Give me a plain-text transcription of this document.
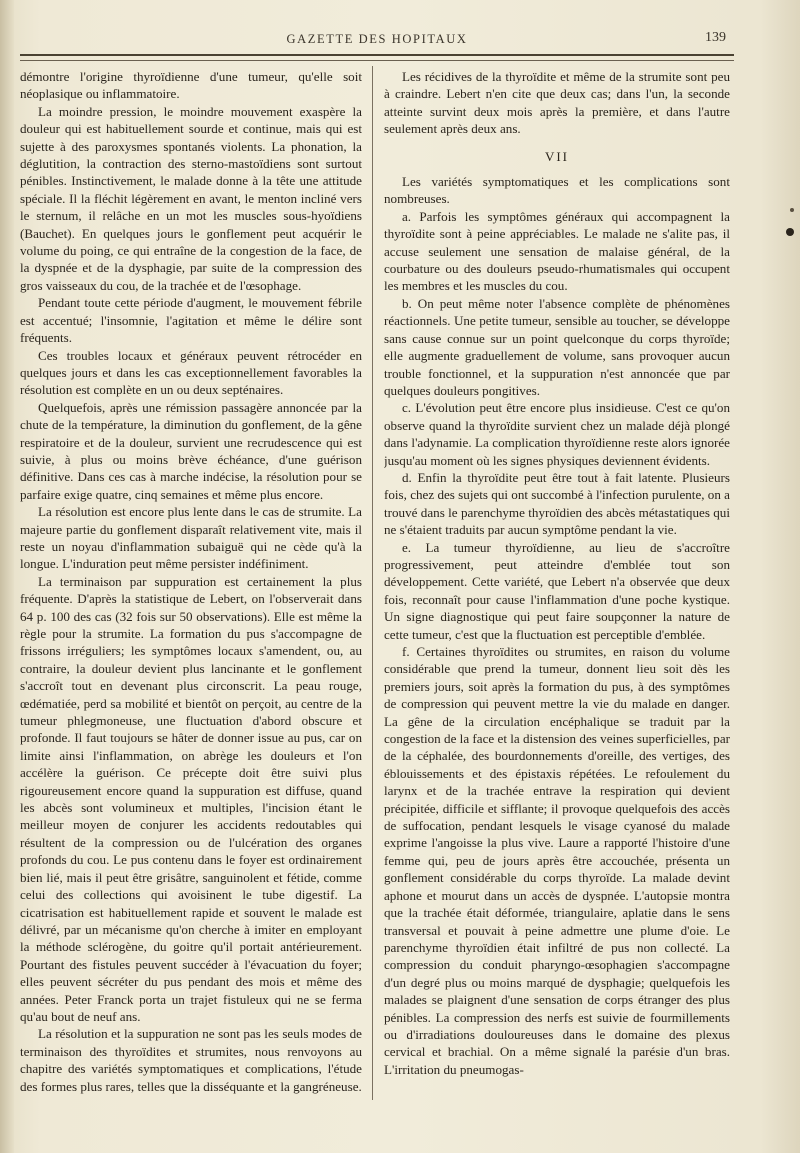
GAZETTE DES HOPITAUX	139

démontre l'origine thyroïdienne d'une tumeur, qu'elle soit néoplasique ou inflammatoire.

La moindre pression, le moindre mouvement exaspère la douleur qui est habituellement sourde et continue, mais qui est sujette à des paroxysmes spontanés violents. La phonation, la déglutition, la contraction des sterno-mastoïdiens sont surtout pénibles. Instinctivement, le malade donne à la tête une attitude spéciale. Il la fléchit légèrement en avant, le menton incliné vers le sternum, il relâche en un mot les muscles sous-hyoïdiens (Bauchet). En quelques jours le gonflement peut acquérir le volume du poing, ce qui entraîne de la congestion de la face, de la dyspnée et de la dysphagie, par suite de la compression des gros vaisseaux du cou, de la trachée et de l'œsophage.

Pendant toute cette période d'augment, le mouvement fébrile est accentué; l'insomnie, l'agitation et même le délire sont fréquents.

Ces troubles locaux et généraux peuvent rétrocéder en quelques jours et dans les cas exceptionnellement favorables la résolution est complète en un ou deux septénaires.

Quelquefois, après une rémission passagère annoncée par la chute de la température, la diminution du gonflement, de la gêne respiratoire et de la douleur, survient une recrudescence qui est suivie, à plus ou moins brève échéance, d'une guérison définitive. Dans ces cas à marche indécise, la résolution pour se parfaire exige quatre, cinq semaines et même plus encore.

La résolution est encore plus lente dans le cas de strumite. La majeure partie du gonflement disparaît relativement vite, mais il reste un noyau d'inflammation subaiguë qui ne cède qu'à la longue. L'induration peut même persister indéfiniment.

La terminaison par suppuration est certainement la plus fréquente. D'après la statistique de Lebert, on l'observerait dans 64 p. 100 des cas (32 fois sur 50 observations). Elle est même la règle pour la strumite. La formation du pus s'accompagne de frissons irréguliers; les symptômes locaux s'amendent, ou, au contraire, la douleur devient plus lancinante et le gonflement s'accroît tout en devenant plus circonscrit. La peau rouge, œdématiée, perd sa mobilité et bientôt on perçoit, au centre de la tumeur phlegmoneuse, une fluctuation d'abord obscure et profonde. Il faut toujours se hâter de donner issue au pus, car on limite ainsi l'inflammation, on abrège les douleurs et l'on accélère la guérison. Ce précepte doit être suivi plus rigoureusement encore quand la suppuration est diffuse, quand les abcès sont volumineux et multiples, l'incision étant le meilleur moyen de conjurer les accidents redoutables qui résultent de la compression ou de l'ulcération des organes profonds du cou. Le pus contenu dans le foyer est ordinairement bien lié, mais il peut être grisâtre, sanguinolent et fétide, comme celui des collections qui avoisinent le tube digestif. La cicatrisation est habituellement rapide et souvent le malade est délivré, par un mécanisme qu'on cherche à imiter en employant la méthode sclérogène, du goitre qu'il portait antérieurement. Pourtant des fistules peuvent succéder à l'évacuation du foyer; elles peuvent sécréter du pus pendant des mois et même des années. Peter Franck porta un trajet fistuleux qui ne se ferma qu'au bout de neuf ans.

La résolution et la suppuration ne sont pas les seuls modes de terminaison des thyroïdites et strumites, nous renvoyons au chapitre des variétés symptomatiques et complications, l'étude des formes plus rares, telles que la disséquante et la gangréneuse.

Les récidives de la thyroïdite et même de la strumite sont peu à craindre. Lebert n'en cite que deux cas; dans l'un, la seconde atteinte survint deux mois après la première, et dans l'autre seulement après deux ans.

VII

Les variétés symptomatiques et les complications sont nombreuses.

a. Parfois les symptômes généraux qui accompagnent la thyroïdite sont à peine appréciables. Le malade ne s'alite pas, il accuse seulement une sensation de malaise général, de la courbature ou des douleurs pseudo-rhumatismales qui occupent les membres et les muscles du cou.

b. On peut même noter l'absence complète de phénomènes réactionnels. Une petite tumeur, sensible au toucher, se développe sans cause connue sur un point quelconque du corps thyroïde; elle augmente graduellement de volume, sans provoquer aucun trouble fonctionnel, et la suppuration n'est annoncée que par quelques douleurs pongitives.

c. L'évolution peut être encore plus insidieuse. C'est ce qu'on observe quand la thyroïdite survient chez un malade déjà plongé dans l'adynamie. La complication thyroïdienne reste alors ignorée jusqu'au moment où les signes physiques deviennent évidents.

d. Enfin la thyroïdite peut être tout à fait latente. Plusieurs fois, chez des sujets qui ont succombé à l'infection purulente, on a trouvé dans le parenchyme thyroïdien des abcès métastatiques qui ne s'étaient traduits par aucun symptôme pendant la vie.

e. La tumeur thyroïdienne, au lieu de s'accroître progressivement, peut atteindre d'emblée tout son développement. Cette variété, que Lebert n'a observée que deux fois, reconnaît pour cause l'inflammation d'une poche kystique. Un signe diagnostique qui peut faire soupçonner la nature de cette tumeur, c'est que la fluctuation est perceptible d'emblée.

f. Certaines thyroïdites ou strumites, en raison du volume considérable que prend la tumeur, donnent lieu soit dès les premiers jours, soit après la formation du pus, à des symptômes de compression qui peuvent mettre la vie du malade en danger. La gêne de la circulation encéphalique se traduit par la congestion de la face et la distension des veines superficielles, par de la céphalée, des bourdonnements d'oreille, des vertiges, des éblouissements et des épistaxis répétées. Le refoulement du larynx et de la trachée entrave la respiration qui devient précipitée, difficile et sifflante; il provoque quelquefois des accès de suffocation, pendant lesquels le visage cyanosé du malade exprime l'angoisse la plus vive. Laure a rapporté l'histoire d'une femme qui, peu de jours après être accouchée, présenta un gonflement considérable du corps thyroïde. La malade devint aphone et mourut dans un accès de dyspnée. L'autopsie montra que la trachée était déformée, triangulaire, aplatie dans le sens transversal et pouvait à peine admettre une plume d'oie. Le parenchyme thyroïdien était infiltré de pus non collecté. La compression du conduit pharyngo-œsophagien s'accompagne d'un degré plus ou moins marqué de dysphagie; quelquefois les malades se plaignent d'une sensation de corps étranger des plus pénibles. La compression des nerfs est suivie de fourmillements ou d'irradiations douloureuses dans le domaine des plexus cervical et brachial. On a même signalé la parésie d'un bras. L'irritation du pneumogas-
